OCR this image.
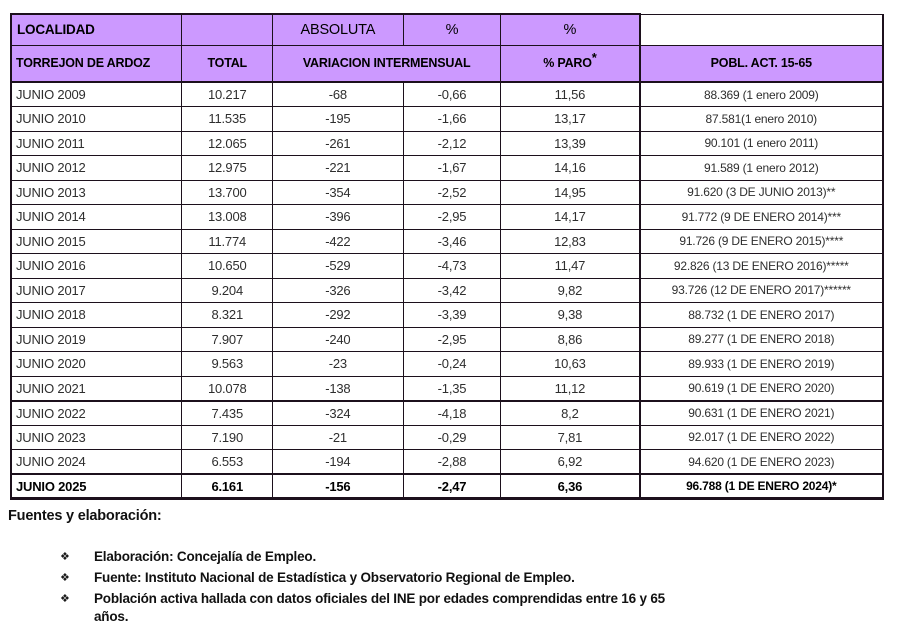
LOCALIDAD		ABSOLUTA	%	%	
TORREJON DE ARDOZ	TOTAL	VARIACION INTERMENSUAL		% PARO*	POBL. ACT. 15-65
JUNIO 2009	10.217	-68	-0,66	11,56	88.369 (1 enero 2009)
JUNIO 2010	11.535	-195	-1,66	13,17	87.581(1 enero 2010)
JUNIO 2011	12.065	-261	-2,12	13,39	90.101 (1 enero 2011)
JUNIO 2012	12.975	-221	-1,67	14,16	91.589 (1 enero 2012)
JUNIO 2013	13.700	-354	-2,52	14,95	91.620 (3 DE JUNIO 2013)**
JUNIO 2014	13.008	-396	-2,95	14,17	91.772 (9 DE ENERO 2014)***
JUNIO 2015	11.774	-422	-3,46	12,83	91.726 (9 DE ENERO 2015)****
JUNIO 2016	10.650	-529	-4,73	11,47	92.826 (13 DE ENERO 2016)*****
JUNIO 2017	9.204	-326	-3,42	9,82	93.726 (12 DE ENERO 2017)******
JUNIO 2018	8.321	-292	-3,39	9,38	88.732 (1 DE ENERO 2017)
JUNIO 2019	7.907	-240	-2,95	8,86	89.277 (1 DE ENERO 2018)
JUNIO 2020	9.563	-23	-0,24	10,63	89.933 (1 DE ENERO 2019)
JUNIO 2021	10.078	-138	-1,35	11,12	90.619 (1 DE ENERO 2020)
JUNIO 2022	7.435	-324	-4,18	8,2	90.631 (1 DE ENERO 2021)
JUNIO 2023	7.190	-21	-0,29	7,81	92.017 (1 DE ENERO 2022)
JUNIO 2024	6.553	-194	-2,88	6,92	94.620 (1 DE ENERO 2023)
JUNIO 2025	6.161	-156	-2,47	6,36	96.788 (1 DE ENERO 2024)*
Fuentes y elaboración:
❖	Elaboración: Concejalía de Empleo.
❖	Fuente: Instituto Nacional de Estadística y Observatorio Regional de Empleo.
❖	Población activa hallada con datos oficiales del INE por edades comprendidas entre 16 y 65 años.
